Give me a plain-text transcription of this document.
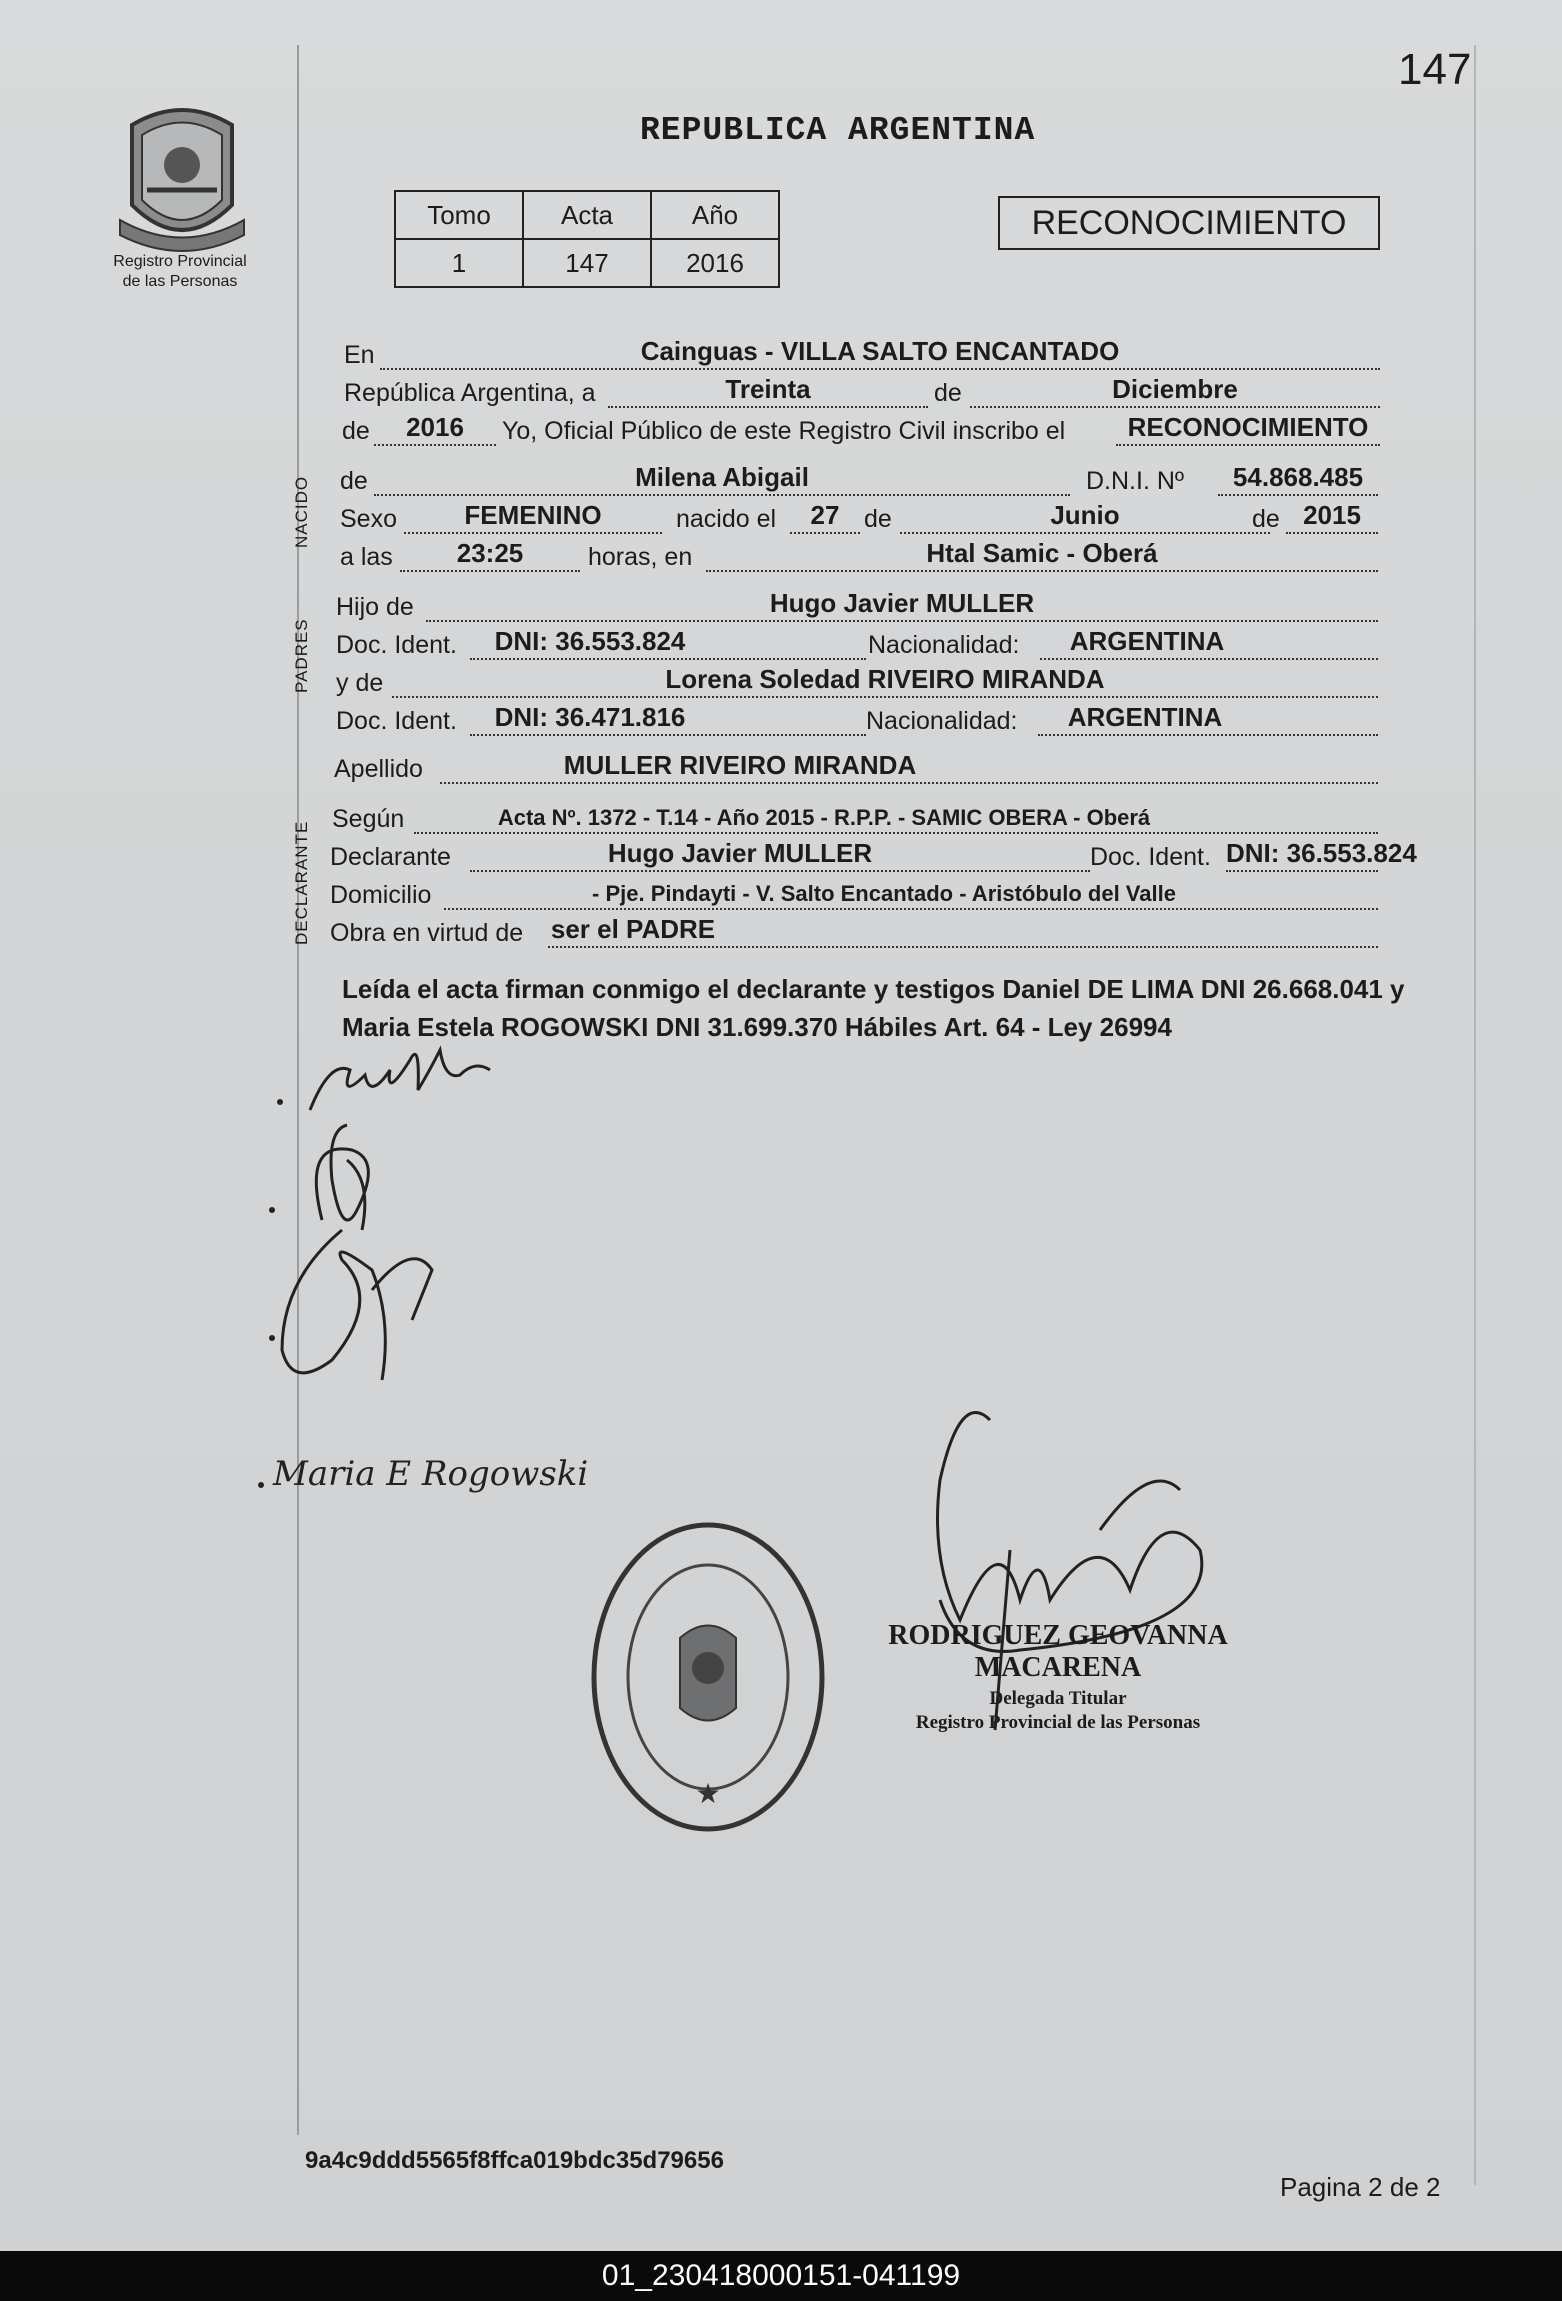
147
Registro Provincial
de las Personas
REPUBLICA ARGENTINA
Tomo	Acta	Año
1	147	2016
RECONOCIMIENTO
NACIDO
PADRES
DECLARANTE
En	Cainguas - VILLA SALTO ENCANTADO
República Argentina, a	Treinta	de	Diciembre
de	2016	Yo, Oficial Público de este Registro Civil inscribo el	RECONOCIMIENTO
de	Milena Abigail	D.N.I. Nº	54.868.485
Sexo	FEMENINO	nacido el	27 de	Junio	de 2015
a las	23:25	horas, en	Htal Samic - Oberá
Hijo de	Hugo Javier MULLER
Doc. Ident.	DNI: 36.553.824	Nacionalidad:	ARGENTINA
y de	Lorena Soledad RIVEIRO MIRANDA
Doc. Ident.	DNI: 36.471.816	Nacionalidad:	ARGENTINA
Apellido	MULLER RIVEIRO MIRANDA
Según	Acta Nº. 1372 - T.14 - Año 2015 - R.P.P. - SAMIC OBERA - Oberá
Declarante	Hugo Javier MULLER	Doc. Ident. DNI: 36.553.824
Domicilio	- Pje. Pindayti - V. Salto Encantado - Aristóbulo del Valle
Obra en virtud de ser el PADRE
Leída el acta firman conmigo el declarante y testigos Daniel DE LIMA DNI 26.668.041 y Maria Estela ROGOWSKI DNI 31.699.370 Hábiles Art. 64 - Ley 26994
Maria E Rogowski
★
RODRIGUEZ GEOVANNA MACARENA
Delegada Titular
Registro Provincial de las Personas
9a4c9ddd5565f8ffca019bdc35d79656
Pagina 2 de 2
01_230418000151-041199
